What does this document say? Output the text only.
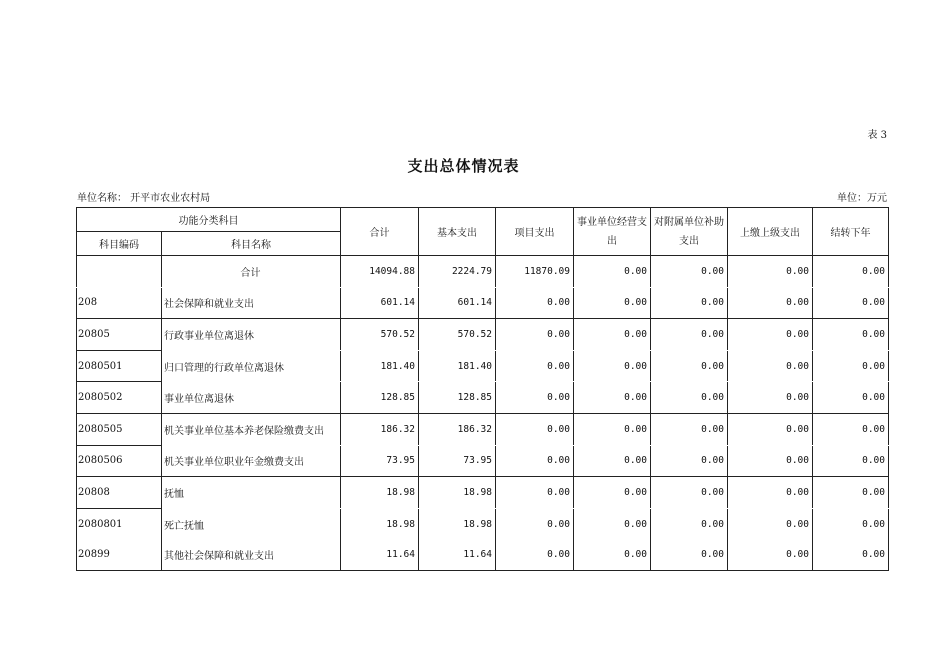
表 3
支出总体情况表
单位名称： 开平市农业农村局	单位：万元
功能分类科目		合计	基本支出	项目支出	事业单位经营支出	对附属单位补助支出	上缴上级支出	结转下年
科目编码	科目名称							
	合计	14094.88	2224.79	11870.09	0.00	0.00	0.00	0.00
208	社会保障和就业支出	601.14	601.14	0.00	0.00	0.00	0.00	0.00
20805	行政事业单位离退休	570.52	570.52	0.00	0.00	0.00	0.00	0.00
2080501	归口管理的行政单位离退休	181.40	181.40	0.00	0.00	0.00	0.00	0.00
2080502	事业单位离退休	128.85	128.85	0.00	0.00	0.00	0.00	0.00
2080505	机关事业单位基本养老保险缴费支出	186.32	186.32	0.00	0.00	0.00	0.00	0.00
2080506	机关事业单位职业年金缴费支出	73.95	73.95	0.00	0.00	0.00	0.00	0.00
20808	抚恤	18.98	18.98	0.00	0.00	0.00	0.00	0.00
2080801	死亡抚恤	18.98	18.98	0.00	0.00	0.00	0.00	0.00
20899	其他社会保障和就业支出	11.64	11.64	0.00	0.00	0.00	0.00	0.00
